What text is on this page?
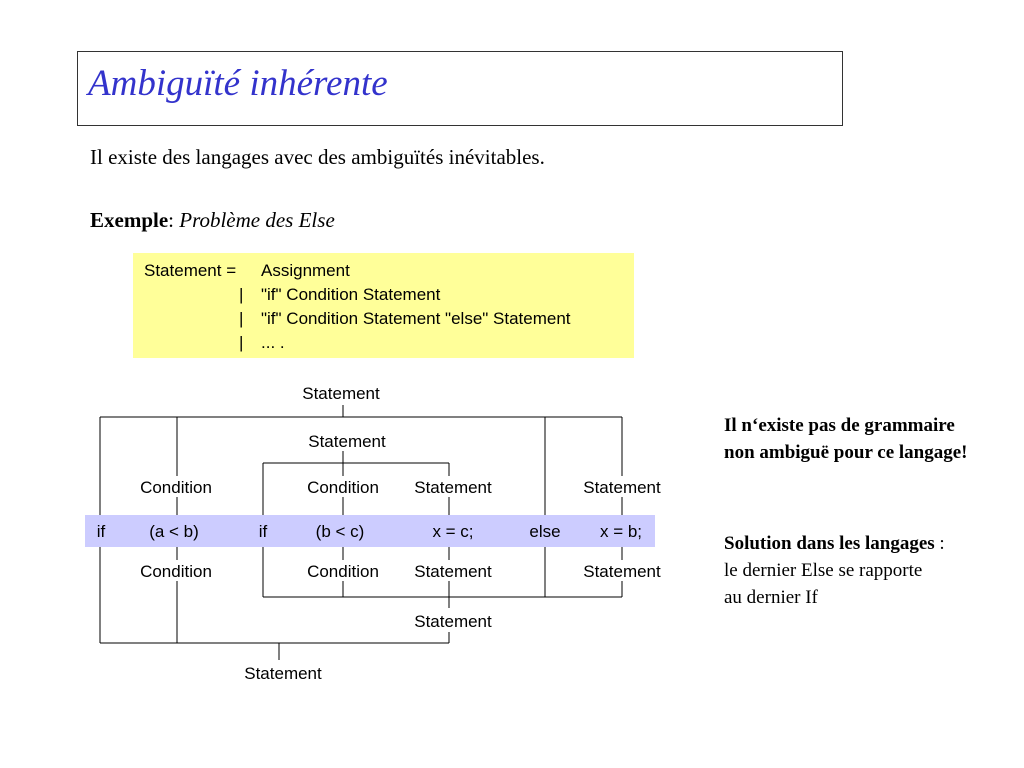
Ambiguïté inhérente
Il existe des langages avec des ambiguïtés inévitables.
Exemple: Problème des Else
Statement = Assignment
| "if" Condition Statement
| "if" Condition Statement "else" Statement
| ... .
Statement
Statement
Condition	Condition Statement	Statement
if	(a < b)	if	(b < c)	x = c;	else x = b;
Condition	Condition Statement	Statement
Statement
Statement
Il n‘existe pas de grammaire
non ambiguë pour ce langage!
Solution dans les langages :
le dernier Else se rapporte
au dernier If
